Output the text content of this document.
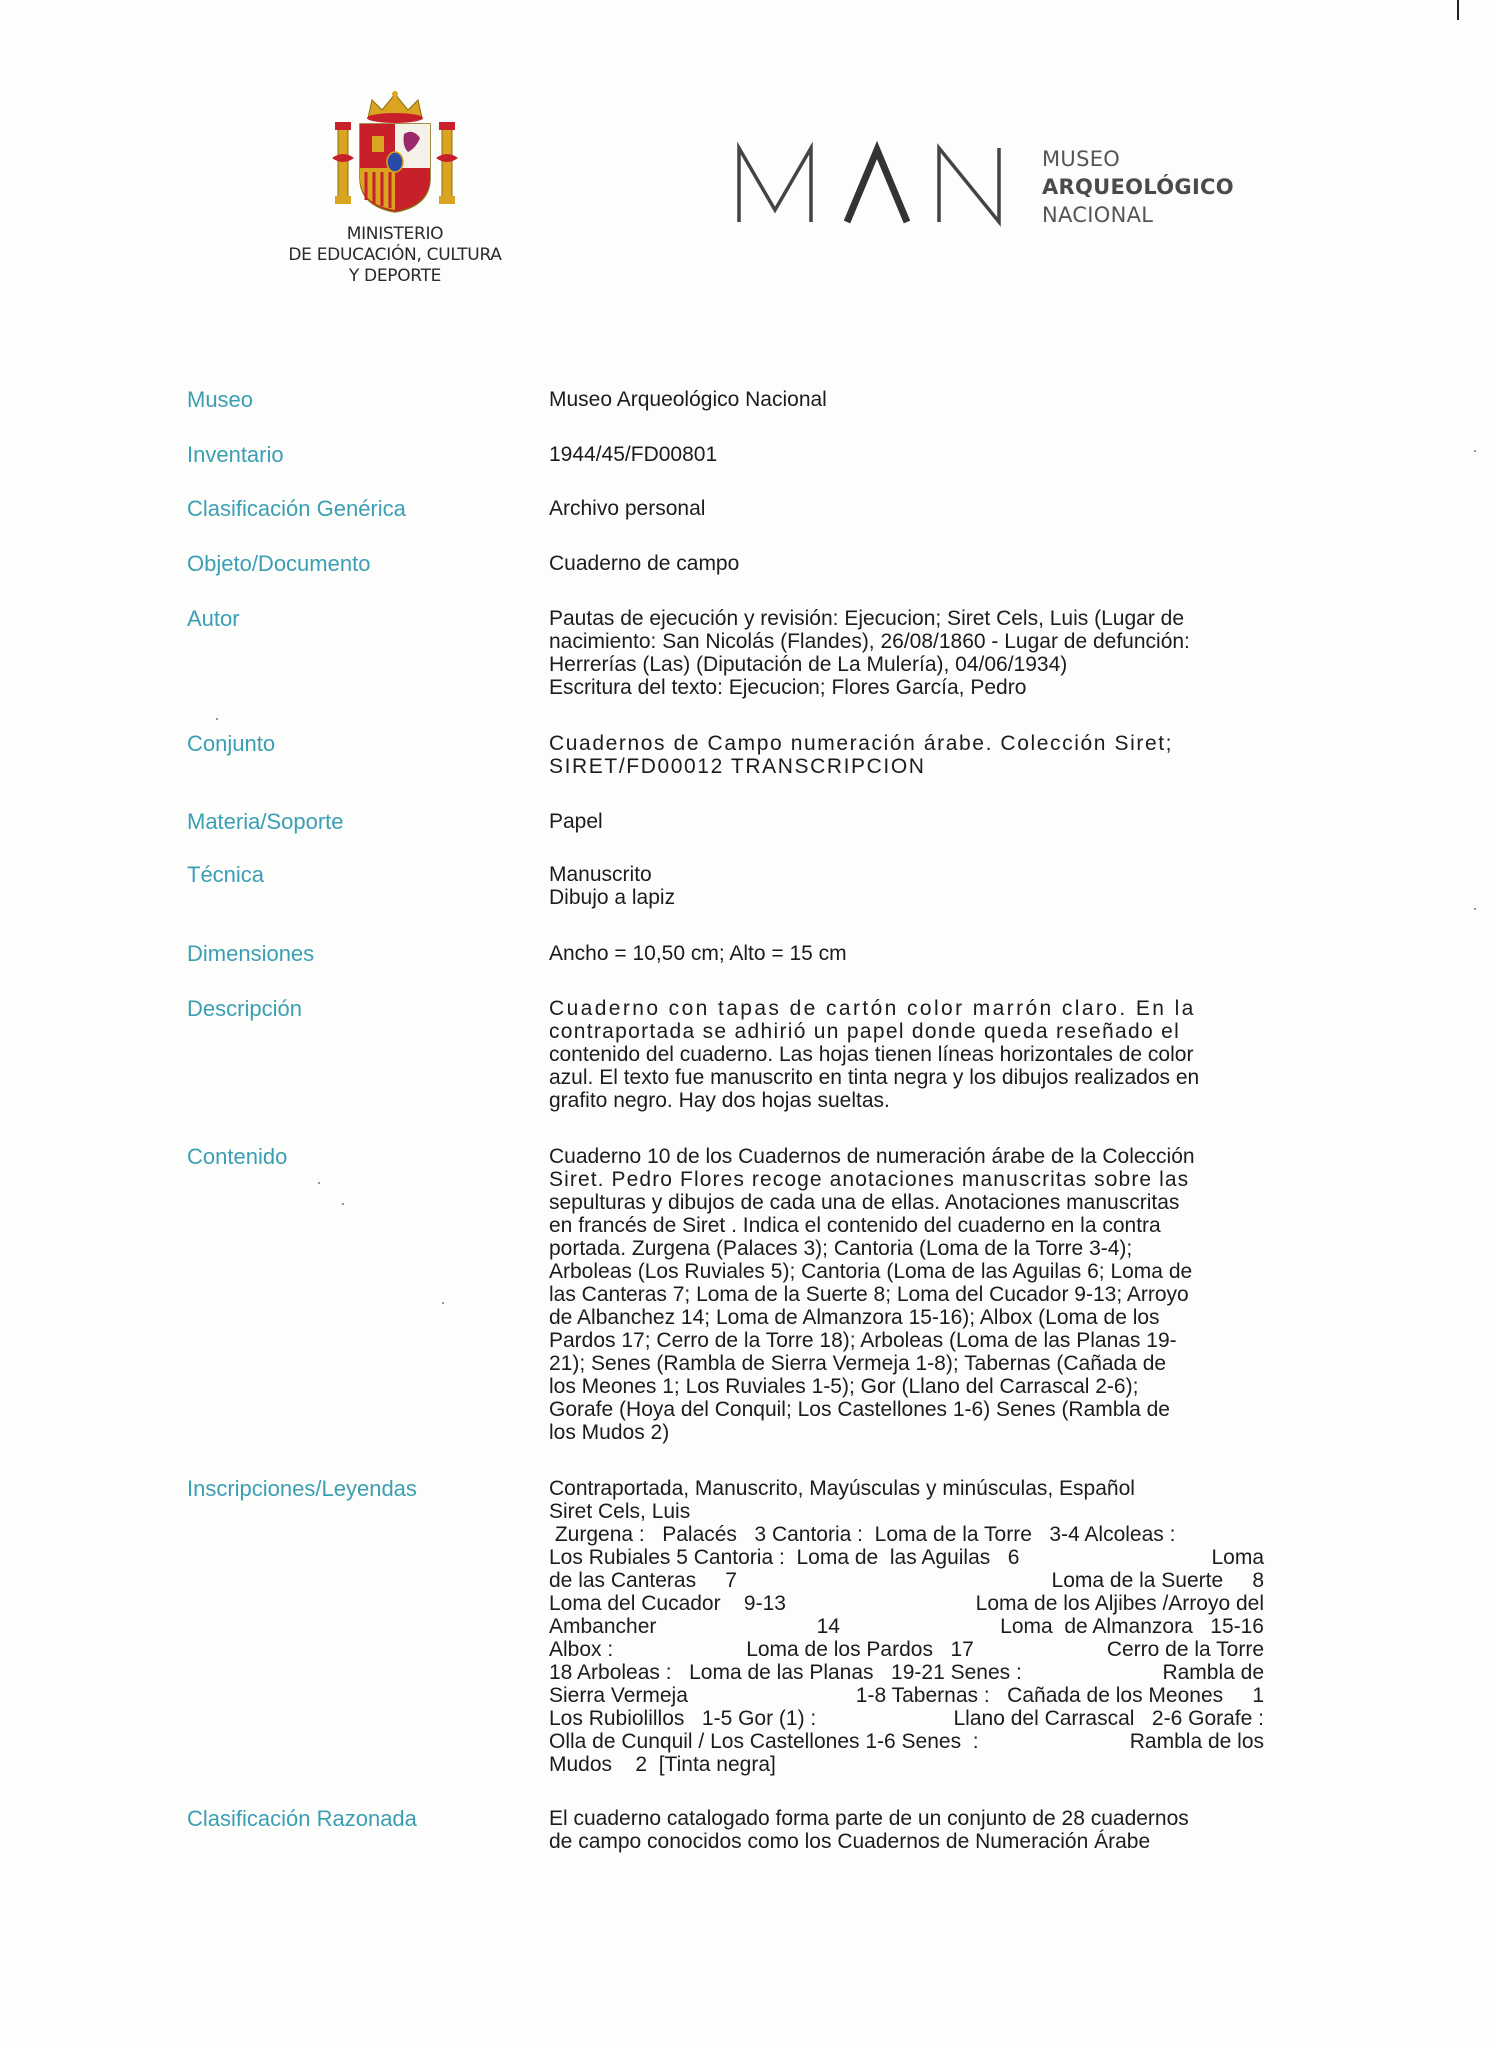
MINISTERIO
DE EDUCACIÓN, CULTURA
Y DEPORTE
MUSEO
ARQUEOLÓGICO
NACIONAL
Museo	Museo Arqueológico Nacional
Inventario	1944/45/FD00801
Clasificación Genérica	Archivo personal
Objeto/Documento	Cuaderno de campo
Autor	Pautas de ejecución y revisión: Ejecucion; Siret Cels, Luis (Lugar de
nacimiento: San Nicolás (Flandes), 26/08/1860 - Lugar de defunción:
Herrerías (Las) (Diputación de La Mulería), 04/06/1934)
Escritura del texto: Ejecucion; Flores García, Pedro
Conjunto	Cuadernos de Campo numeración árabe. Colección Siret;
SIRET/FD00012 TRANSCRIPCION
Materia/Soporte	Papel
Técnica	Manuscrito
Dibujo a lapiz
Dimensiones	Ancho = 10,50 cm; Alto = 15 cm
Descripción	Cuaderno con tapas de cartón color marrón claro. En la
contraportada se adhirió un papel donde queda reseñado el
contenido del cuaderno. Las hojas tienen líneas horizontales de color
azul. El texto fue manuscrito en tinta negra y los dibujos realizados en
grafito negro. Hay dos hojas sueltas.
Contenido	Cuaderno 10 de los Cuadernos de numeración árabe de la Colección
Siret. Pedro Flores recoge anotaciones manuscritas sobre las
sepulturas y dibujos de cada una de ellas. Anotaciones manuscritas
en francés de Siret . Indica el contenido del cuaderno en la contra
portada. Zurgena (Palaces 3); Cantoria (Loma de la Torre 3-4);
Arboleas (Los Ruviales 5); Cantoria (Loma de las Aguilas 6; Loma de
las Canteras 7; Loma de la Suerte 8; Loma del Cucador 9-13; Arroyo
de Albanchez 14; Loma de Almanzora 15-16); Albox (Loma de los
Pardos 17; Cerro de la Torre 18); Arboleas (Loma de las Planas 19-
21); Senes (Rambla de Sierra Vermeja 1-8); Tabernas (Cañada de
los Meones 1; Los Ruviales 1-5); Gor (Llano del Carrascal 2-6);
Gorafe (Hoya del Conquil; Los Castellones 1-6) Senes (Rambla de
los Mudos 2)
Inscripciones/Leyendas	Contraportada, Manuscrito, Mayúsculas y minúsculas, Español
Siret Cels, Luis
Zurgena :   Palacés   3 Cantoria :  Loma de la Torre   3-4 Alcoleas :
Los Rubiales 5 Cantoria :  Loma de  las Aguilas   6	Loma
de las Canteras     7	Loma de la Suerte     8
Loma del Cucador    9-13	Loma de los Aljibes /Arroyo del
Ambancher	14	Loma  de Almanzora   15-16
Albox :	Loma de los Pardos   17	Cerro de la Torre
18 Arboleas :   Loma de las Planas   19-21 Senes :	Rambla de
Sierra Vermeja	1-8 Tabernas :   Cañada de los Meones     1
Los Rubiolillos   1-5 Gor (1) :	Llano del Carrascal   2-6 Gorafe :
Olla de Cunquil / Los Castellones 1-6 Senes  :	Rambla de los
Mudos    2  [Tinta negra]
Clasificación Razonada	El cuaderno catalogado forma parte de un conjunto de 28 cuadernos
de campo conocidos como los Cuadernos de Numeración Árabe
